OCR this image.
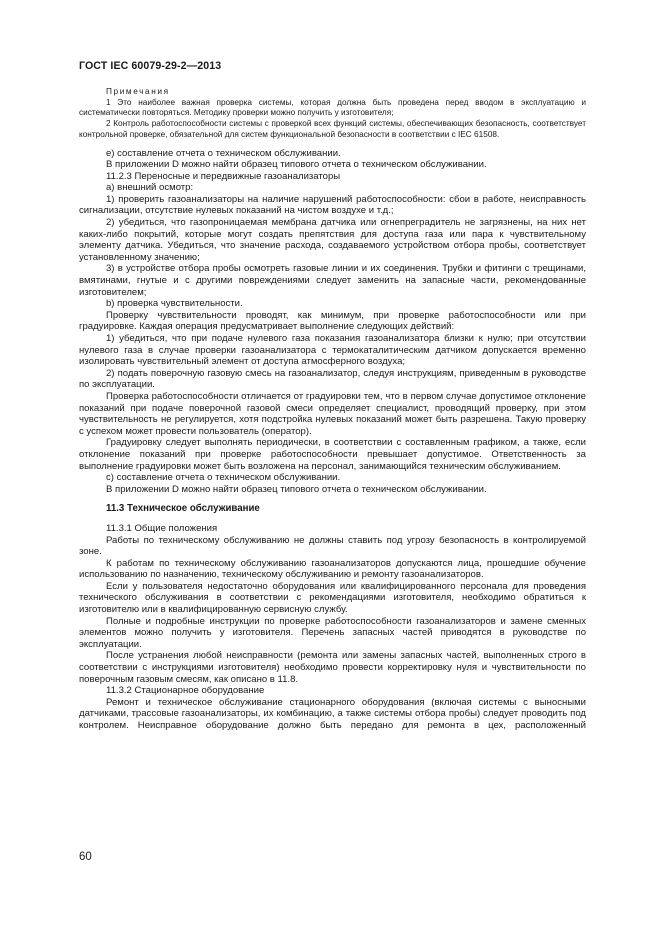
ГОСТ IEC 60079-29-2—2013
Примечания
1 Это наиболее важная проверка системы, которая должна быть проведена перед вводом в эксплуатацию и систематически повторяться. Методику проверки можно получить у изготовителя;
2 Контроль работоспособности системы с проверкой всех функций системы, обеспечивающих безопасность, соответствует контрольной проверке, обязательной для систем функциональной безопасности в соответствии с IEC 61508.
e) составление отчета о техническом обслуживании.
В приложении D можно найти образец типового отчета о техническом обслуживании.
11.2.3 Переносные и передвижные газоанализаторы
a) внешний осмотр:
1) проверить газоанализаторы на наличие нарушений работоспособности: сбои в работе, неисправность сигнализации, отсутствие нулевых показаний на чистом воздухе и т.д.;
2) убедиться, что газопроницаемая мембрана датчика или огнепреградитель не загрязнены, на них нет каких-либо покрытий, которые могут создать препятствия для доступа газа или пара к чувствительному элементу датчика. Убедиться, что значение расхода, создаваемого устройством отбора пробы, соответствует установленному значению;
3) в устройстве отбора пробы осмотреть газовые линии и их соединения. Трубки и фитинги с трещинами, вмятинами, гнутые и с другими повреждениями следует заменить на запасные части, рекомендованные изготовителем;
b) проверка чувствительности.
Проверку чувствительности проводят, как минимум, при проверке работоспособности или при градуировке. Каждая операция предусматривает выполнение следующих действий:
1) убедиться, что при подаче нулевого газа показания газоанализатора близки к нулю; при отсутствии нулевого газа в случае проверки газоанализатора с термокаталитическим датчиком допускается временно изолировать чувствительный элемент от доступа атмосферного воздуха;
2) подать поверочную газовую смесь на газоанализатор, следуя инструкциям, приведенным в руководстве по эксплуатации.
Проверка работоспособности отличается от градуировки тем, что в первом случае допустимое отклонение показаний при подаче поверочной газовой смеси определяет специалист, проводящий проверку, при этом чувствительность не регулируется, хотя подстройка нулевых показаний может быть разрешена. Такую проверку с успехом может провести пользователь (оператор).
Градуировку следует выполнять периодически, в соответствии с составленным графиком, а также, если отклонение показаний при проверке работоспособности превышает допустимое. Ответственность за выполнение градуировки может быть возложена на персонал, занимающийся техническим обслуживанием.
c) составление отчета о техническом обслуживании.
В приложении D можно найти образец типового отчета о техническом обслуживании.
11.3 Техническое обслуживание
11.3.1 Общие положения
Работы по техническому обслуживанию не должны ставить под угрозу безопасность в контролируемой зоне.
К работам по техническому обслуживанию газоанализаторов допускаются лица, прошедшие обучение использованию по назначению, техническому обслуживанию и ремонту газоанализаторов.
Если у пользователя недостаточно оборудования или квалифицированного персонала для проведения технического обслуживания в соответствии с рекомендациями изготовителя, необходимо обратиться к изготовителю или в квалифицированную сервисную службу.
Полные и подробные инструкции по проверке работоспособности газоанализаторов и замене сменных элементов можно получить у изготовителя. Перечень запасных частей приводятся в руководстве по эксплуатации.
После устранения любой неисправности (ремонта или замены запасных частей, выполненных строго в соответствии с инструкциями изготовителя) необходимо провести корректировку нуля и чувствительности по поверочным газовым смесям, как описано в 11.8.
11.3.2 Стационарное оборудование
Ремонт и техническое обслуживание стационарного оборудования (включая системы с выносными датчиками, трассовые газоанализаторы, их комбинацию, а также системы отбора пробы) следует проводить под контролем. Неисправное оборудование должно быть передано для ремонта в цех, расположенный
60
